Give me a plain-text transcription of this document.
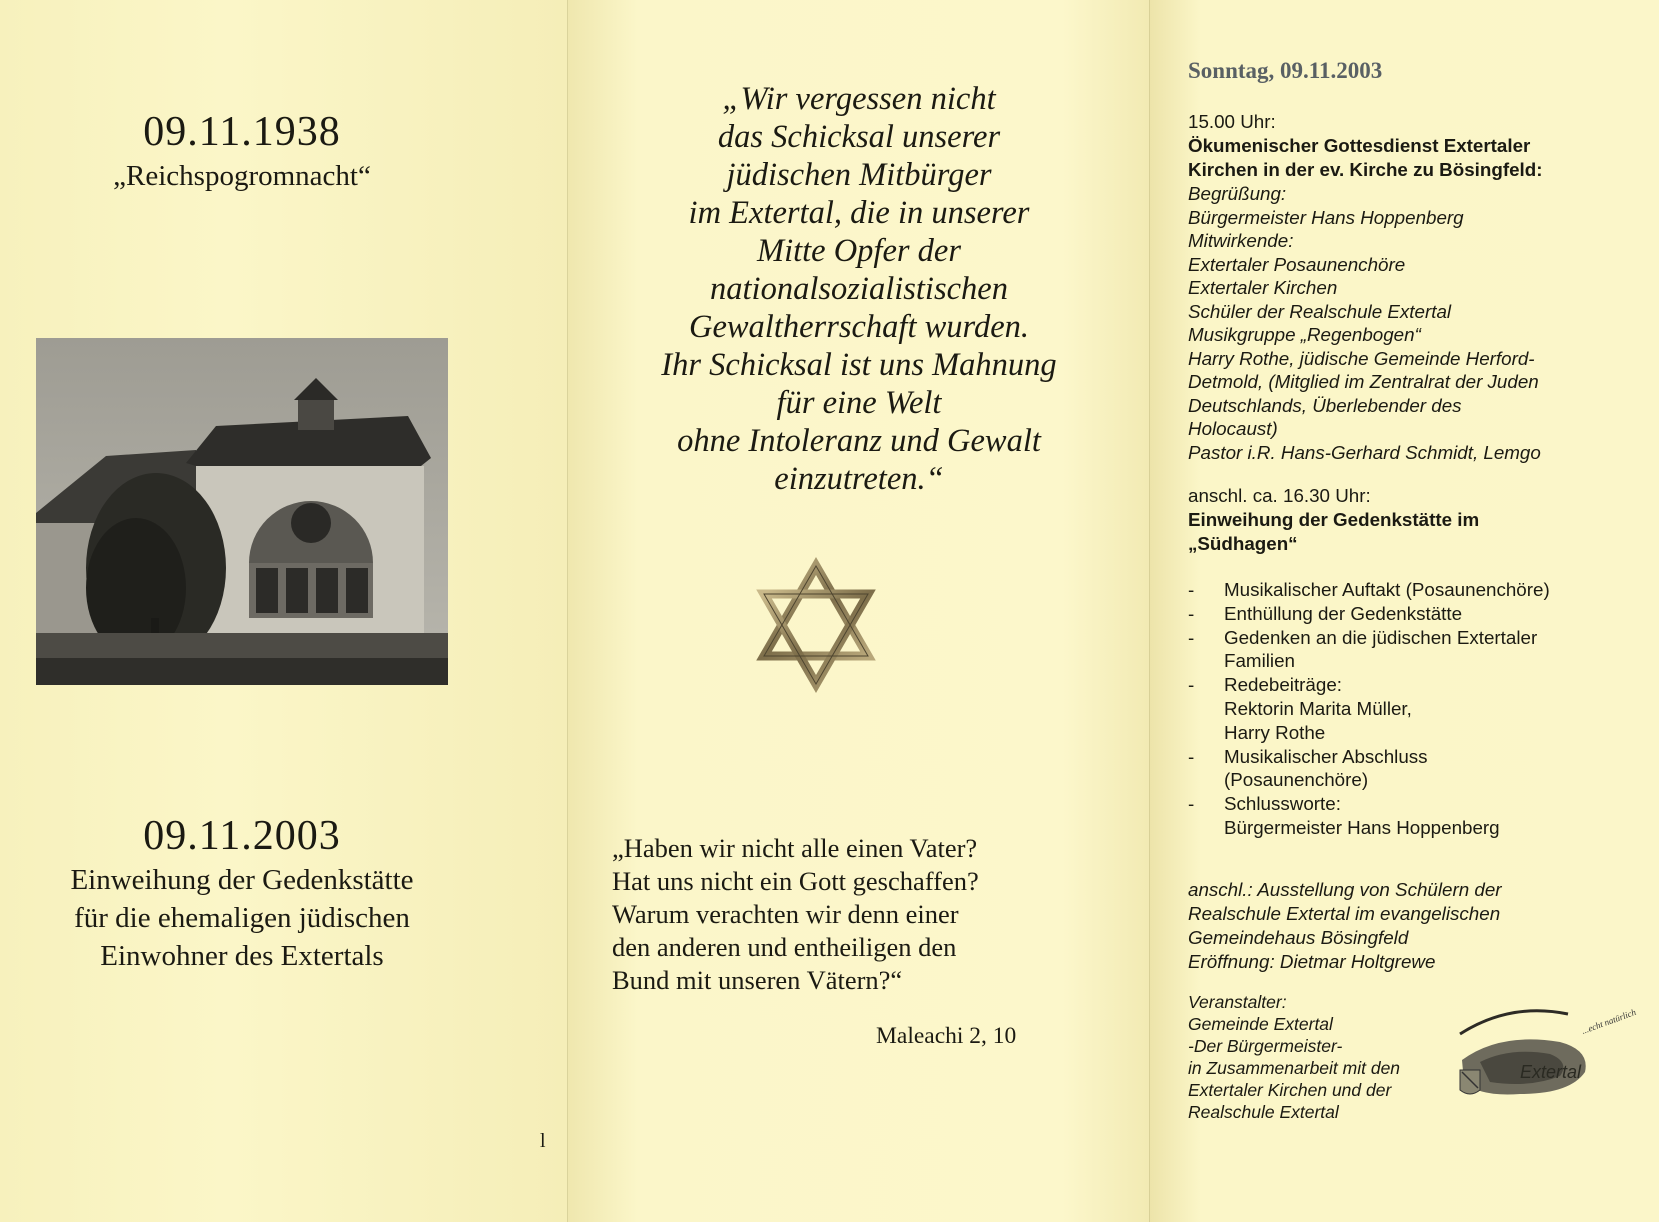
09.11.1938
„Reichspogromnacht“
09.11.2003
Einweihung der Gedenkstätte
für die ehemaligen jüdischen
Einwohner des Extertals
„Wir vergessen nicht
das Schicksal unserer
jüdischen Mitbürger
im Extertal, die in unserer
Mitte Opfer der
nationalsozialistischen
Gewaltherrschaft wurden.
Ihr Schicksal ist uns Mahnung
für eine Welt
ohne Intoleranz und Gewalt
einzutreten.“
„Haben wir nicht alle einen Vater?
Hat uns nicht ein Gott geschaffen?
Warum verachten wir denn einer
den anderen und entheiligen den
Bund mit unseren Vätern?“
Maleachi 2, 10
l
Sonntag, 09.11.2003
15.00 Uhr:
Ökumenischer Gottesdienst Extertaler
Kirchen in der ev. Kirche zu Bösingfeld:
Begrüßung:
Bürgermeister Hans Hoppenberg
Mitwirkende:
Extertaler Posaunenchöre
Extertaler Kirchen
Schüler der Realschule Extertal
Musikgruppe „Regenbogen“
Harry Rothe, jüdische Gemeinde Herford-
Detmold, (Mitglied im Zentralrat der Juden
Deutschlands, Überlebender des
Holocaust)
Pastor i.R. Hans-Gerhard Schmidt, Lemgo
anschl. ca. 16.30 Uhr:
Einweihung der Gedenkstätte im
„Südhagen“
- Musikalischer Auftakt (Posaunenchöre)
- Enthüllung der Gedenkstätte
- Gedenken an die jüdischen Extertaler
Familien
- Redebeiträge:
Rektorin Marita Müller,
Harry Rothe
- Musikalischer Abschluss
(Posaunenchöre)
- Schlussworte:
Bürgermeister Hans Hoppenberg
anschl.: Ausstellung von Schülern der
Realschule Extertal im evangelischen
Gemeindehaus Bösingfeld
Eröffnung: Dietmar Holtgrewe
Veranstalter:
Gemeinde Extertal
-Der Bürgermeister-
in Zusammenarbeit mit den
Extertaler Kirchen und der
Realschule Extertal
Extertal
...echt natürlich
